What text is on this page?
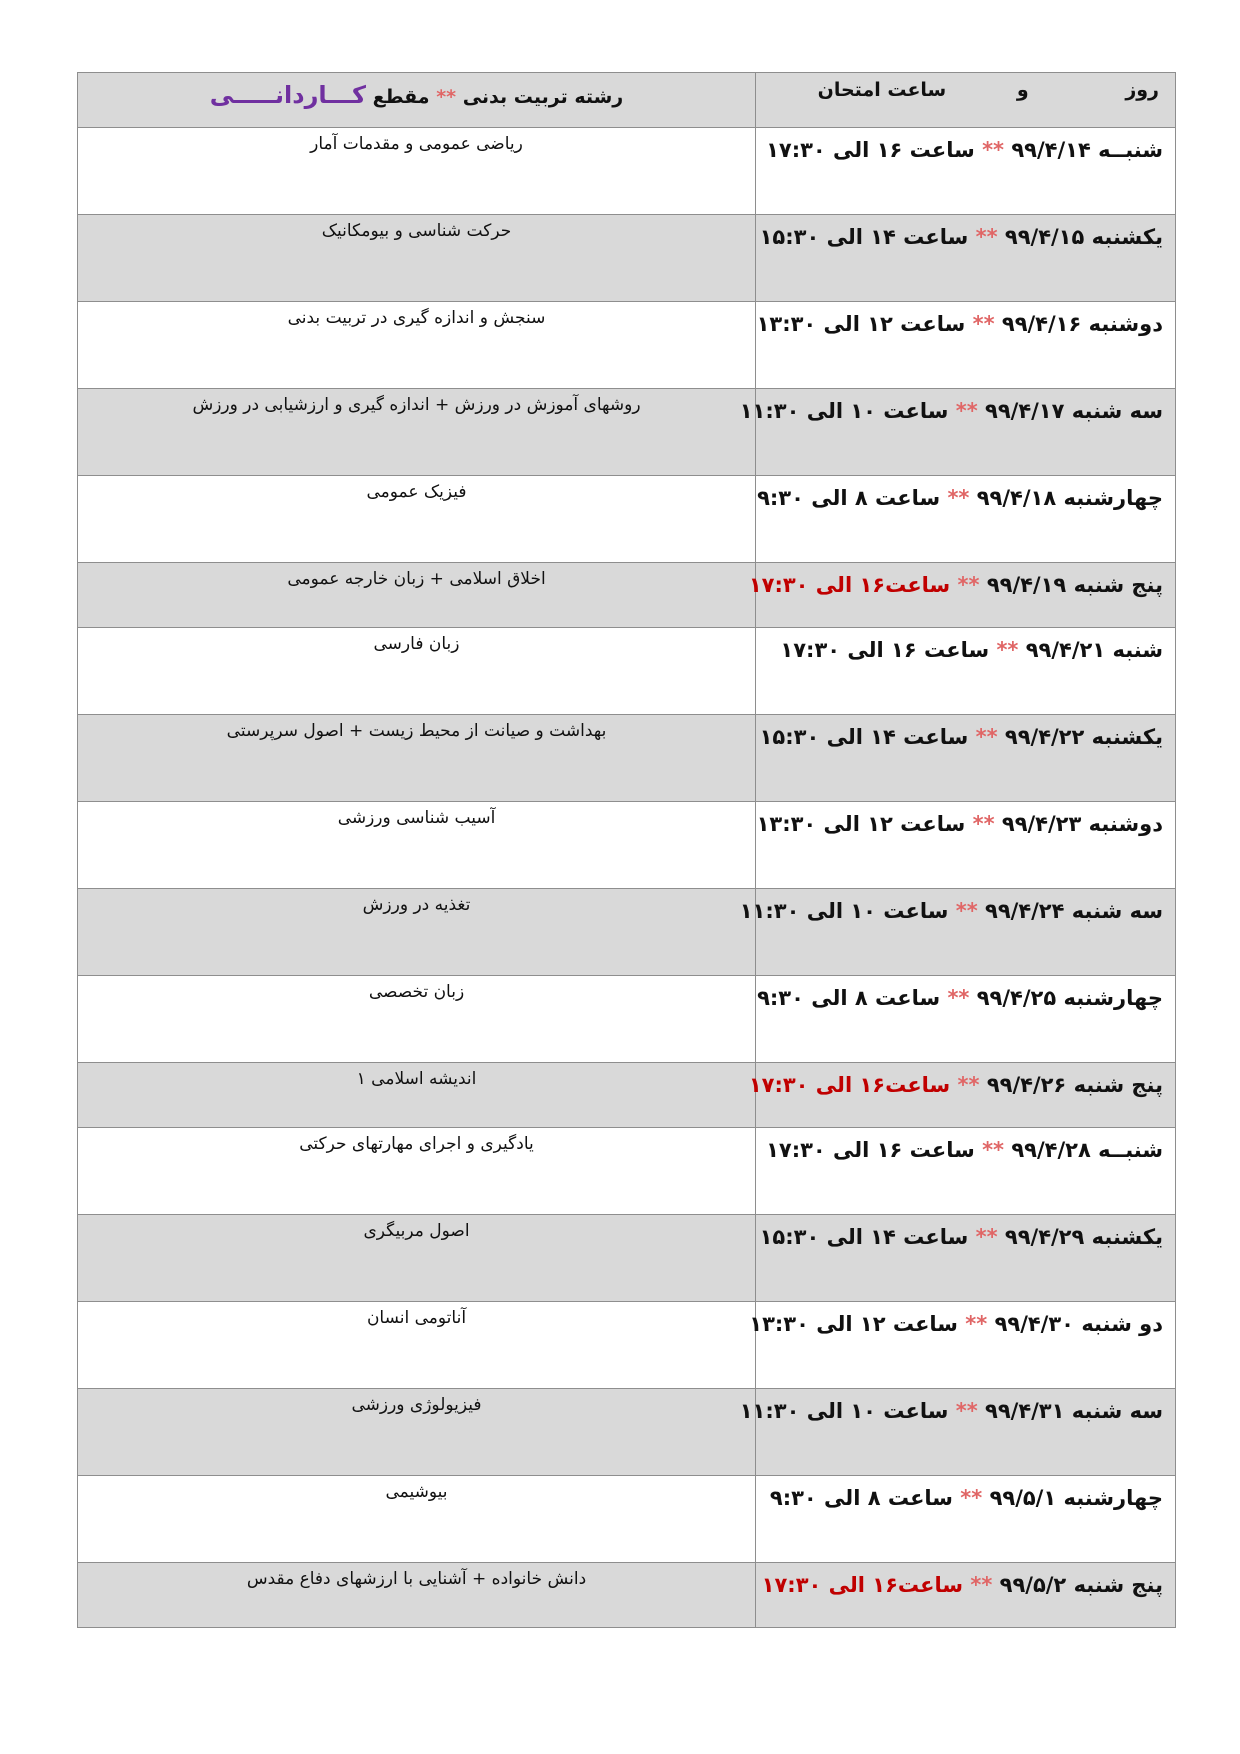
روز و ساعت امتحان	رشته تربیت بدنی ** مقطع کـــاردانـــــی
شنبــه ۹۹/۴/۱۴ ** ساعت ۱۶ الی ۱۷:۳۰	ریاضی عمومی و مقدمات آمار
یکشنبه ۹۹/۴/۱۵ ** ساعت ۱۴ الی ۱۵:۳۰	حرکت شناسی و بیومکانیک
دوشنبه ۹۹/۴/۱۶ ** ساعت ۱۲ الی ۱۳:۳۰	سنجش و اندازه گیری در تربیت بدنی
سه شنبه ۹۹/۴/۱۷ ** ساعت ۱۰ الی ۱۱:۳۰	روشهای آموزش در ورزش + اندازه گیری و ارزشیابی در ورزش
چهارشنبه ۹۹/۴/۱۸ ** ساعت ۸ الی ۹:۳۰	فیزیک عمومی
پنج شنبه ۹۹/۴/۱۹ ** ساعت۱۶ الی ۱۷:۳۰	اخلاق اسلامی + زبان خارجه عمومی
شنبه ۹۹/۴/۲۱ ** ساعت ۱۶ الی ۱۷:۳۰	زبان فارسی
یکشنبه ۹۹/۴/۲۲ ** ساعت ۱۴ الی ۱۵:۳۰	بهداشت و صیانت از محیط زیست + اصول سرپرستی
دوشنبه ۹۹/۴/۲۳ ** ساعت ۱۲ الی ۱۳:۳۰	آسیب شناسی ورزشی
سه شنبه ۹۹/۴/۲۴ ** ساعت ۱۰ الی ۱۱:۳۰	تغذیه در ورزش
چهارشنبه ۹۹/۴/۲۵ ** ساعت ۸ الی ۹:۳۰	زبان تخصصی
پنج شنبه ۹۹/۴/۲۶ ** ساعت۱۶ الی ۱۷:۳۰	اندیشه اسلامی ۱
شنبــه ۹۹/۴/۲۸ ** ساعت ۱۶ الی ۱۷:۳۰	یادگیری و اجرای مهارتهای حرکتی
یکشنبه ۹۹/۴/۲۹ ** ساعت ۱۴ الی ۱۵:۳۰	اصول مربیگری
دو شنبه ۹۹/۴/۳۰ ** ساعت ۱۲ الی ۱۳:۳۰	آناتومی انسان
سه شنبه ۹۹/۴/۳۱ ** ساعت ۱۰ الی ۱۱:۳۰	فیزیولوژی ورزشی
چهارشنبه ۹۹/۵/۱ ** ساعت ۸ الی ۹:۳۰	بیوشیمی
پنج شنبه ۹۹/۵/۲ ** ساعت۱۶ الی ۱۷:۳۰	دانش خانواده + آشنایی با ارزشهای دفاع مقدس
